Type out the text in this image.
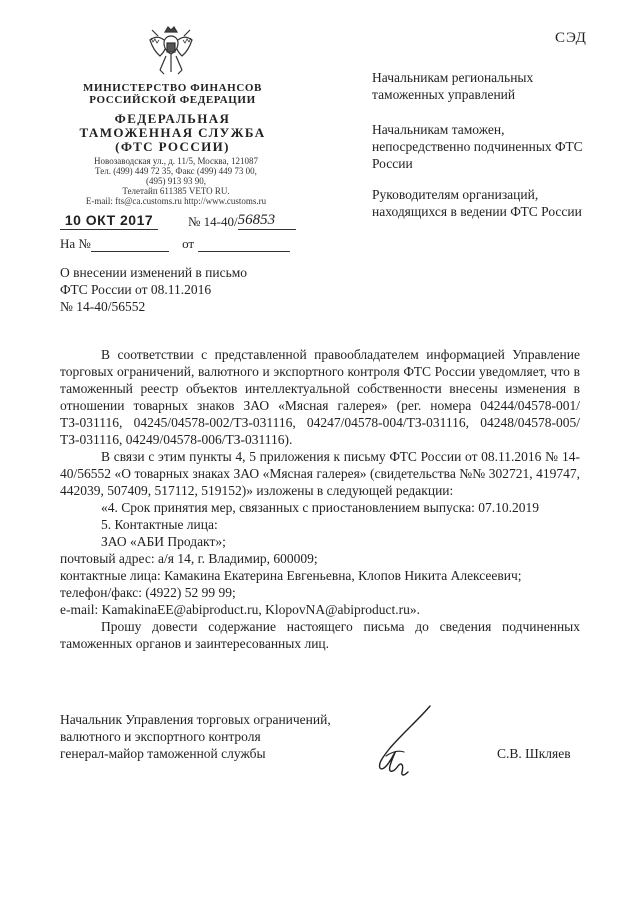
СЭД
МИНИСТЕРСТВО ФИНАНСОВ
РОССИЙСКОЙ ФЕДЕРАЦИИ
ФЕДЕРАЛЬНАЯ
ТАМОЖЕННАЯ СЛУЖБА
(ФТС РОССИИ)
Новозаводская ул., д. 11/5, Москва, 121087
Тел. (499) 449 72 35, Факс (499) 449 73 00,
(495) 913 93 90,
Телетайп 611385 VETO RU.
E-mail: fts@ca.customs.ru http://www.customs.ru
10 ОКТ 2017	№ 14-40/56853
На №	от
Начальникам региональных таможенных управлений
Начальникам таможен, непосредственно подчиненных ФТС России
Руководителям организаций, находящихся в ведении ФТС России
О внесении изменений в письмо
ФТС России от 08.11.2016
№ 14-40/56552

В соответствии с представленной правообладателем информацией Управление торговых ограничений, валютного и экспортного контроля ФТС России уведомляет, что в таможенный реестр объектов интеллектуальной собственности внесены изменения в отношении товарных знаков ЗАО «Мясная галерея» (рег. номера 04244/04578-001/ТЗ-031116, 04245/04578-002/ТЗ-031116, 04247/04578-004/ТЗ-031116, 04248/04578-005/ТЗ-031116, 04249/04578-006/ТЗ-031116).

В связи с этим пункты 4, 5 приложения к письму ФТС России от 08.11.2016 № 14-40/56552 «О товарных знаках ЗАО «Мясная галерея» (свидетельства №№ 302721, 419747, 442039, 507409, 517112, 519152)» изложены в следующей редакции:

«4. Срок принятия мер, связанных с приостановлением выпуска: 07.10.2019

5. Контактные лица:

ЗАО «АБИ Продакт»;

почтовый адрес: а/я 14, г. Владимир, 600009;

контактные лица: Камакина Екатерина Евгеньевна, Клопов Никита Алексеевич;

телефон/факс: (4922) 52 99 99;

e-mail: KamakinaEE@abiproduct.ru, KlopovNA@abiproduct.ru».

Прошу довести содержание настоящего письма до сведения подчиненных таможенных органов и заинтересованных лиц.

Начальник Управления торговых ограничений,
валютного и экспортного контроля
генерал-майор таможенной службы	С.В. Шкляев
